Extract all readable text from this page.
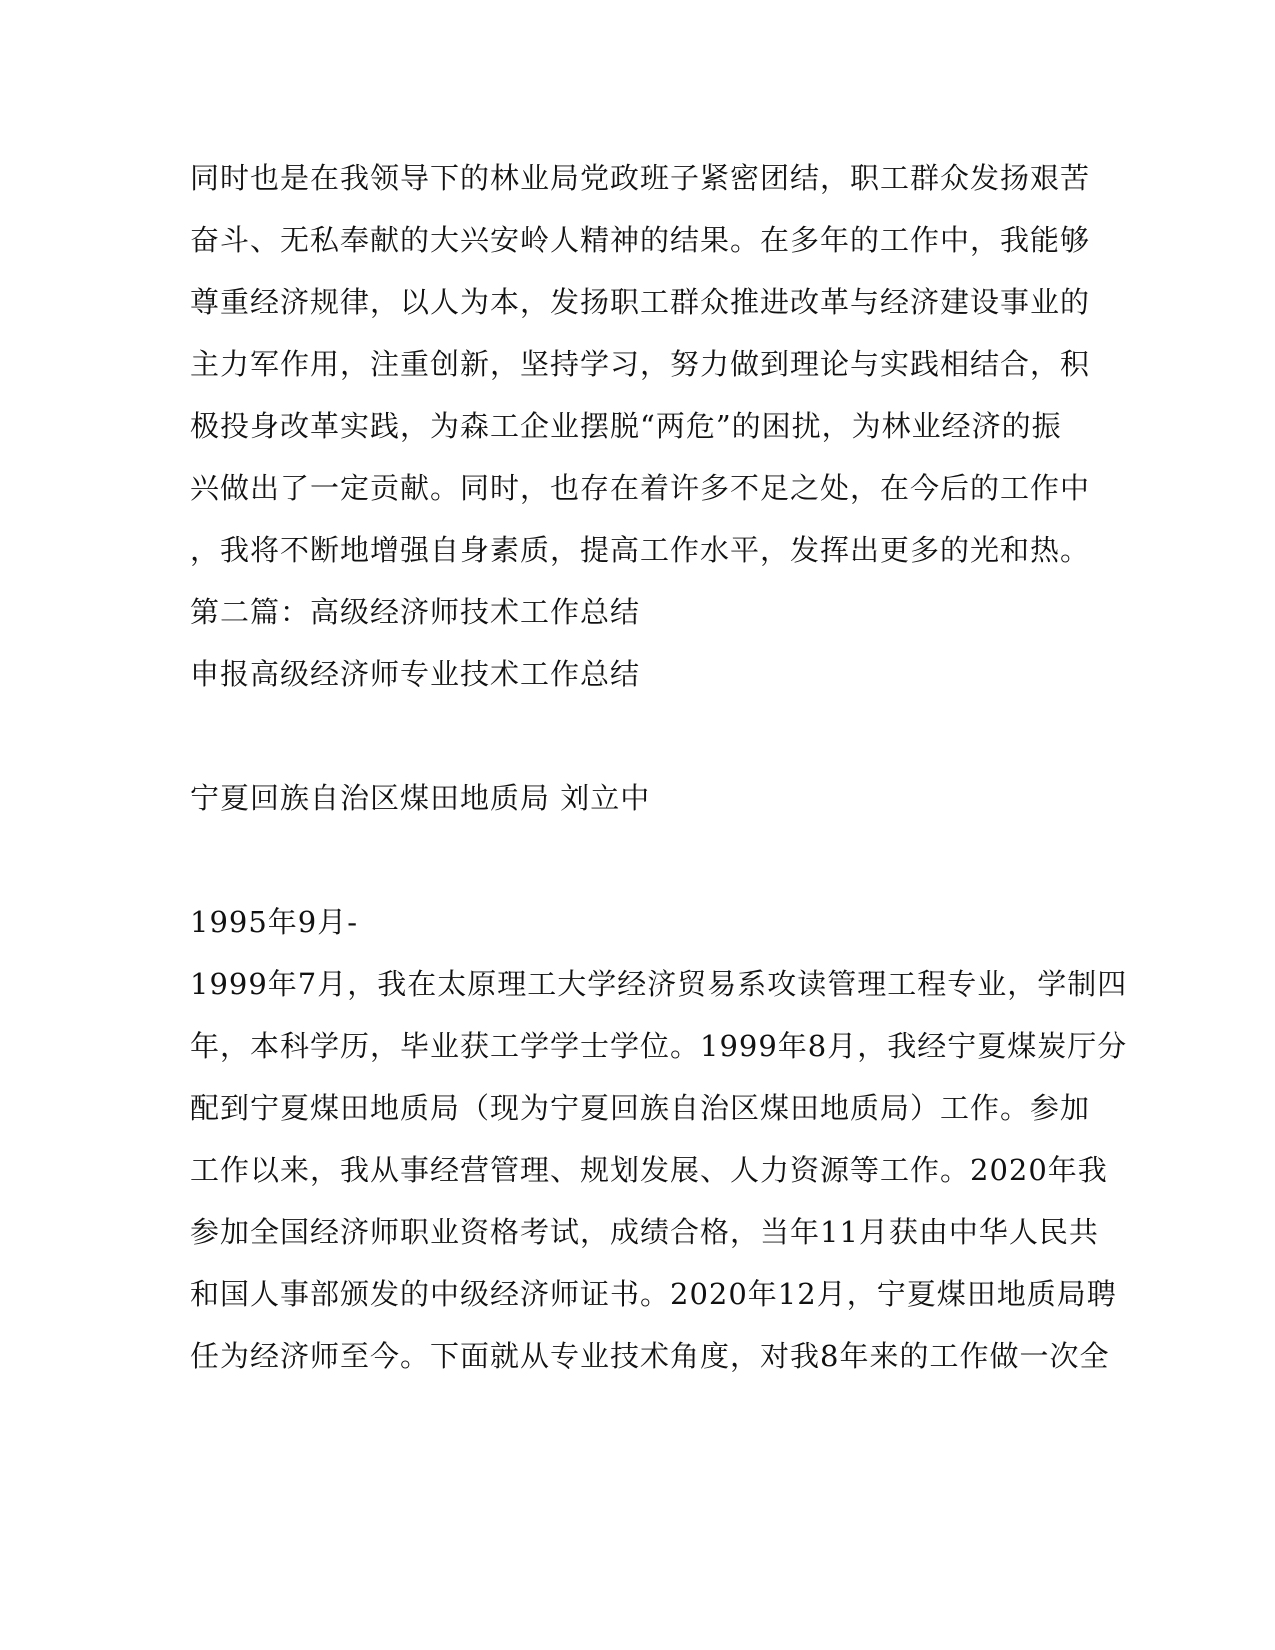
同时也是在我领导下的林业局党政班子紧密团结，职工群众发扬艰苦
奋斗、无私奉献的大兴安岭人精神的结果。在多年的工作中，我能够
尊重经济规律，以人为本，发扬职工群众推进改革与经济建设事业的
主力军作用，注重创新，坚持学习，努力做到理论与实践相结合，积
极投身改革实践，为森工企业摆脱“两危”的困扰，为林业经济的振
兴做出了一定贡献。同时，也存在着许多不足之处，在今后的工作中
，我将不断地增强自身素质，提高工作水平，发挥出更多的光和热。
第二篇：高级经济师技术工作总结
申报高级经济师专业技术工作总结
宁夏回族自治区煤田地质局 刘立中
1995年9月-
1999年7月，我在太原理工大学经济贸易系攻读管理工程专业，学制四
年，本科学历，毕业获工学学士学位。1999年8月，我经宁夏煤炭厅分
配到宁夏煤田地质局（现为宁夏回族自治区煤田地质局）工作。参加
工作以来，我从事经营管理、规划发展、人力资源等工作。2020年我
参加全国经济师职业资格考试，成绩合格，当年11月获由中华人民共
和国人事部颁发的中级经济师证书。2020年12月，宁夏煤田地质局聘
任为经济师至今。下面就从专业技术角度，对我8年来的工作做一次全
